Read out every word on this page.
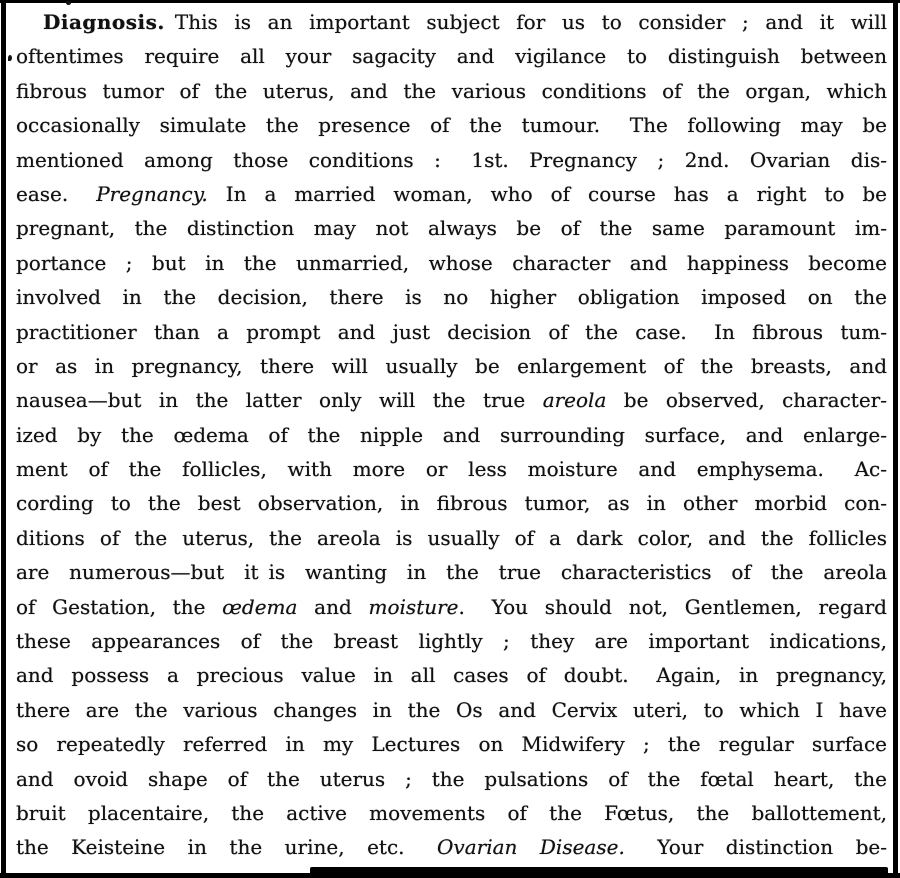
Diagnosis. This is an important subject for us to consider ; and it will
oftentimes require all your sagacity and vigilance to distinguish between
fibrous tumor of the uterus, and the various conditions of the organ, which
occasionally simulate the presence of the tumour.  The following may be
mentioned among those conditions :  1st. Pregnancy ; 2nd. Ovarian dis-
ease.  Pregnancy. In a married woman, who of course has a right to be
pregnant, the distinction may not always be of the same paramount im-
portance ; but in the unmarried, whose character and happiness become
involved in the decision, there is no higher obligation imposed on the
practitioner than a prompt and just decision of the case.  In fibrous tum-
or as in pregnancy, there will usually be enlargement of the breasts, and
nausea—but in the latter only will the true areola be observed, character-
ized by the œdema of the nipple and surrounding surface, and enlarge-
ment of the follicles, with more or less moisture and emphysema.  Ac-
cording to the best observation, in fibrous tumor, as in other morbid con-
ditions of the uterus, the areola is usually of a dark color, and the follicles
are numerous—but it is wanting in the true characteristics of the areola
of Gestation, the œdema and moisture.  You should not, Gentlemen, regard
these appearances of the breast lightly ; they are important indications,
and possess a precious value in all cases of doubt.  Again, in pregnancy,
there are the various changes in the Os and Cervix uteri, to which I have
so repeatedly referred in my Lectures on Midwifery ; the regular surface
and ovoid shape of the uterus ; the pulsations of the fœtal heart, the
bruit placentaire, the active movements of the Fœtus, the ballottement,
the Keisteine in the urine, etc.  Ovarian Disease.  Your distinction be-
